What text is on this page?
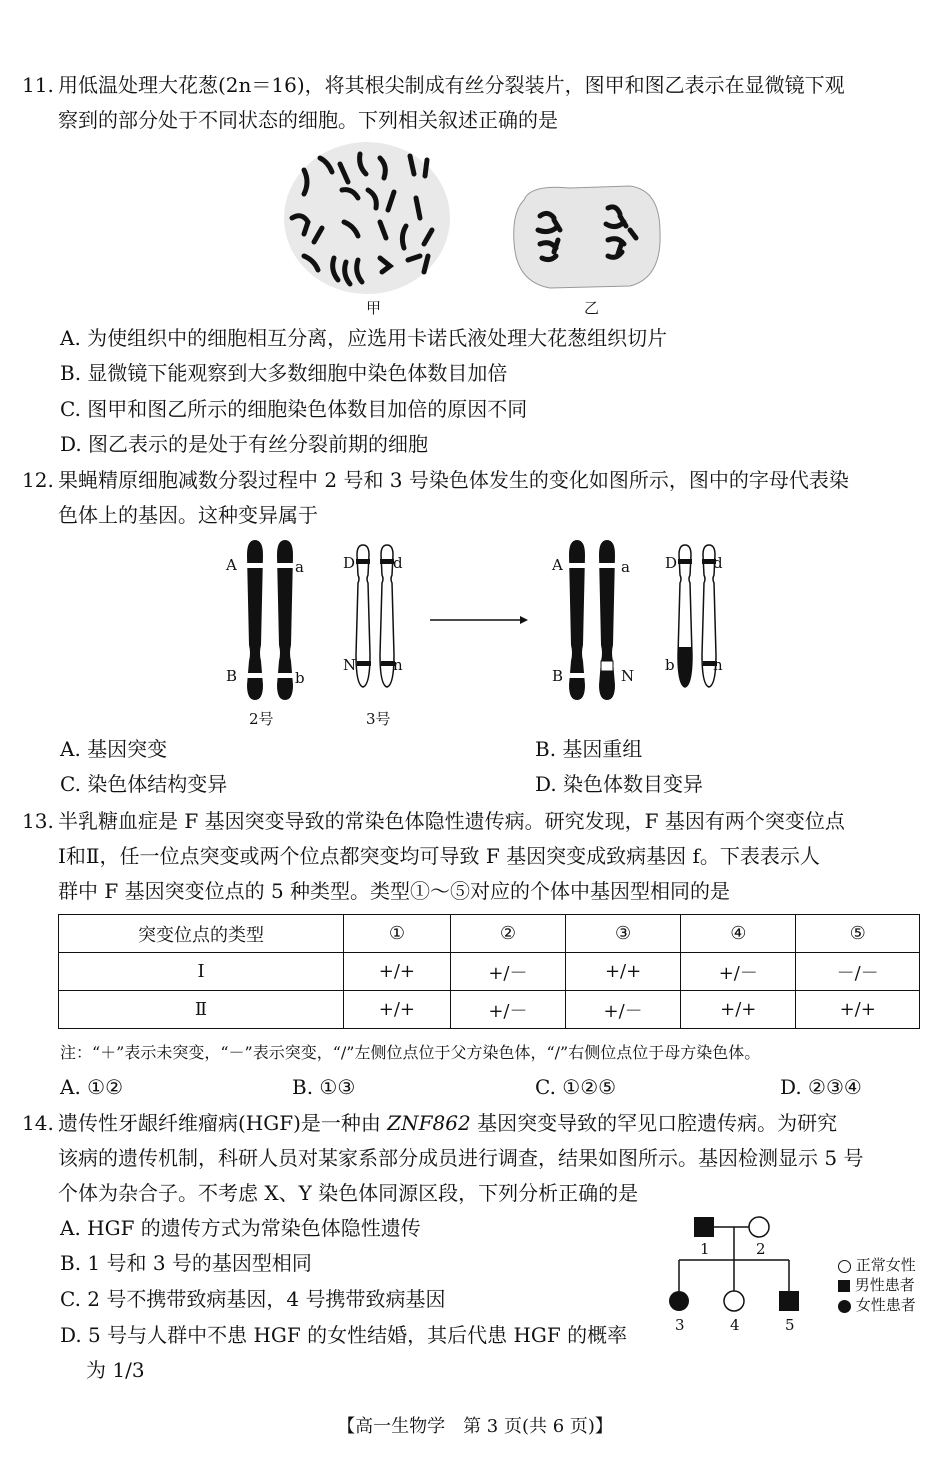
11. 用低温处理大花葱(2n＝16)，将其根尖制成有丝分裂装片，图甲和图乙表示在显微镜下观
察到的部分处于不同状态的细胞。下列相关叙述正确的是
甲	乙
A. 为使组织中的细胞相互分离，应选用卡诺氏液处理大花葱组织切片
B. 显微镜下能观察到大多数细胞中染色体数目加倍
C. 图甲和图乙所示的细胞染色体数目加倍的原因不同
D. 图乙表示的是处于有丝分裂前期的细胞
12. 果蝇精原细胞减数分裂过程中 2 号和 3 号染色体发生的变化如图所示，图中的字母代表染
色体上的基因。这种变异属于
A	a
B	b
D	d
N n
2号	3号
A	a
B	N
D d
b	n
A. 基因突变	B. 基因重组
C. 染色体结构变异	D. 染色体数目变异
13. 半乳糖血症是 F 基因突变导致的常染色体隐性遗传病。研究发现，F 基因有两个突变位点
Ⅰ和Ⅱ，任一位点突变或两个位点都突变均可导致 F 基因突变成致病基因 f。下表表示人
群中 F 基因突变位点的 5 种类型。类型①～⑤对应的个体中基因型相同的是
突变位点的类型	①	②	③	④	⑤
Ⅰ	+/+	+/－	+/+	+/－	－/－
Ⅱ	+/+	+/－	+/－	+/+	+/+
注：“＋”表示未突变，“－”表示突变，“/”左侧位点位于父方染色体，“/”右侧位点位于母方染色体。
A. ①②	B. ①③	C. ①②⑤	D. ②③④
14. 遗传性牙龈纤维瘤病(HGF)是一种由 ZNF862 基因突变导致的罕见口腔遗传病。为研究
该病的遗传机制，科研人员对某家系部分成员进行调查，结果如图所示。基因检测显示 5 号
个体为杂合子。不考虑 X、Y 染色体同源区段，下列分析正确的是
A. HGF 的遗传方式为常染色体隐性遗传
B. 1 号和 3 号的基因型相同
C. 2 号不携带致病基因，4 号携带致病基因
D. 5 号与人群中不患 HGF 的女性结婚，其后代患 HGF 的概率
为 1/3
1	2
3	4	5
正常女性
男性患者
女性患者
【高一生物学　第 3 页(共 6 页)】
